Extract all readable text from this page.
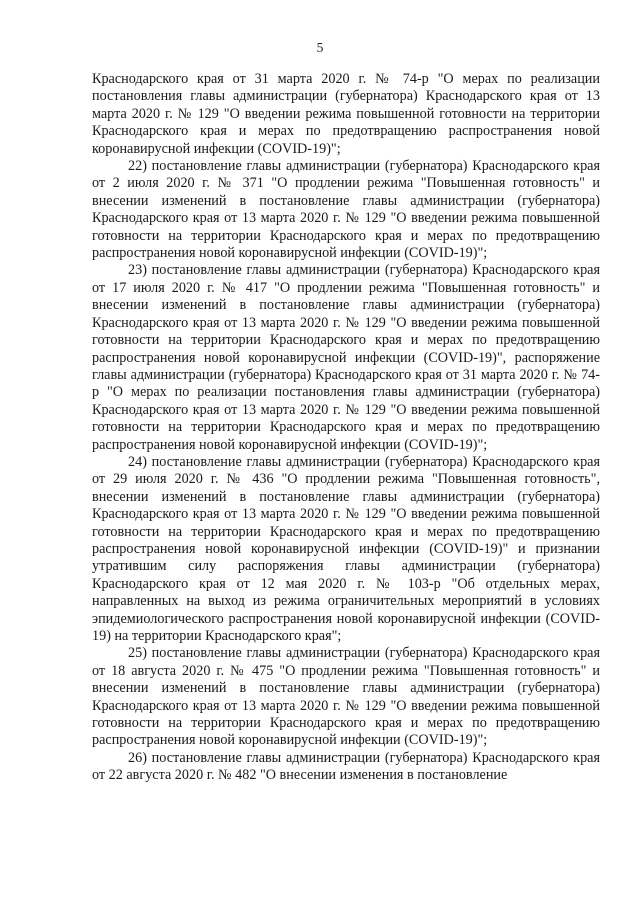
5

Краснодарского края от 31 марта 2020 г. № 74-р "О мерах по реализации постановления главы администрации (губернатора) Краснодарского края от 13 марта 2020 г. № 129 "О введении режима повышенной готовности на территории Краснодарского края и мерах по предотвращению распространения новой коронавирусной инфекции (COVID-19)";

22) постановление главы администрации (губернатора) Краснодарского края от 2 июля 2020 г. № 371 "О продлении режима "Повышенная готовность" и внесении изменений в постановление главы администрации (губернатора) Краснодарского края от 13 марта 2020 г. № 129 "О введении режима повышенной готовности на территории Краснодарского края и мерах по предотвращению распространения новой коронавирусной инфекции (COVID-19)";

23) постановление главы администрации (губернатора) Краснодарского края от 17 июля 2020 г. № 417 "О продлении режима "Повышенная готовность" и внесении изменений в постановление главы администрации (губернатора) Краснодарского края от 13 марта 2020 г. № 129 "О введении режима повышенной готовности на территории Краснодарского края и мерах по предотвращению распространения новой коронавирусной инфекции (COVID-19)", распоряжение главы администрации (губернатора) Краснодарского края от 31 марта 2020 г. № 74-р "О мерах по реализации постановления главы администрации (губернатора) Краснодарского края от 13 марта 2020 г. № 129 "О введении режима повышенной готовности на территории Краснодарского края и мерах по предотвращению распространения новой коронавирусной инфекции (COVID-19)";

24) постановление главы администрации (губернатора) Краснодарского края от 29 июля 2020 г. № 436 "О продлении режима "Повышенная готовность", внесении изменений в постановление главы администрации (губернатора) Краснодарского края от 13 марта 2020 г. № 129 "О введении режима повышенной готовности на территории Краснодарского края и мерах по предотвращению распространения новой коронавирусной инфекции (COVID-19)" и признании утратившим силу распоряжения главы администрации (губернатора) Краснодарского края от 12 мая 2020 г. № 103-р "Об отдельных мерах, направленных на выход из режима ограничительных мероприятий в условиях эпидемиологического распространения новой коронавирусной инфекции (COVID-19) на территории Краснодарского края";

25) постановление главы администрации (губернатора) Краснодарского края от 18 августа 2020 г. № 475 "О продлении режима "Повышенная готовность" и внесении изменений в постановление главы администрации (губернатора) Краснодарского края от 13 марта 2020 г. № 129 "О введении режима повышенной готовности на территории Краснодарского края и мерах по предотвращению распространения новой коронавирусной инфекции (COVID-19)";

26) постановление главы администрации (губернатора) Краснодарского края от 22 августа 2020 г. № 482 "О внесении изменения в постановление
